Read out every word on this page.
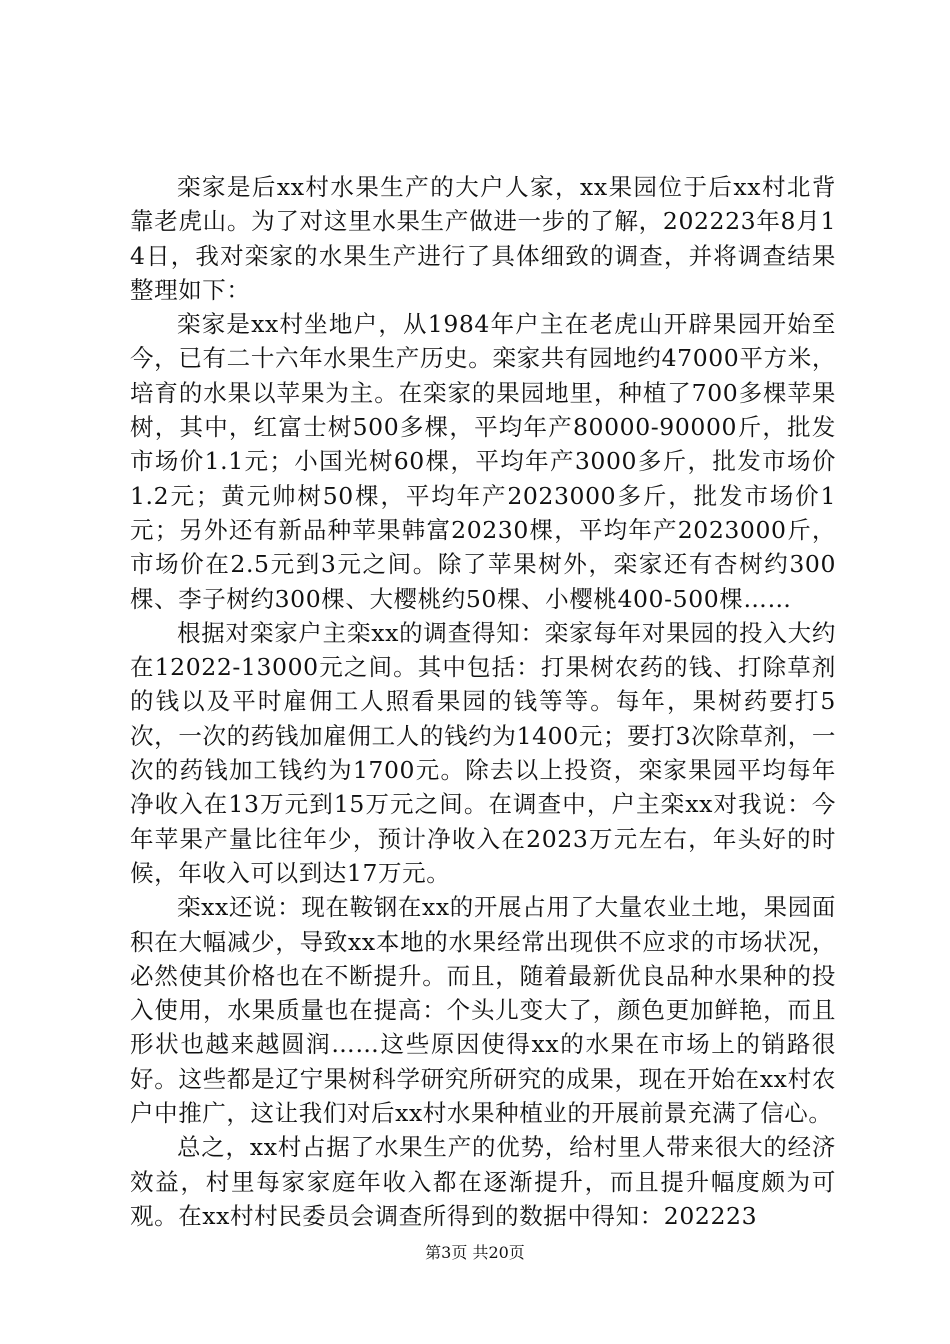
栾家是后xx村水果生产的大户人家，xx果园位于后xx村北背靠老虎山。为了对这里水果生产做进一步的了解，202223年8月14日，我对栾家的水果生产进行了具体细致的调查，并将调查结果整理如下：

栾家是xx村坐地户，从1984年户主在老虎山开辟果园开始至今，已有二十六年水果生产历史。栾家共有园地约47000平方米，培育的水果以苹果为主。在栾家的果园地里，种植了700多棵苹果树，其中，红富士树500多棵，平均年产80000-90000斤，批发市场价1.1元；小国光树60棵，平均年产3000多斤，批发市场价1.2元；黄元帅树50棵，平均年产2023000多斤，批发市场价1元；另外还有新品种苹果韩富20230棵，平均年产2023000斤，市场价在2.5元到3元之间。除了苹果树外，栾家还有杏树约300棵、李子树约300棵、大樱桃约50棵、小樱桃400-500棵……

根据对栾家户主栾xx的调查得知：栾家每年对果园的投入大约在12022-13000元之间。其中包括：打果树农药的钱、打除草剂的钱以及平时雇佣工人照看果园的钱等等。每年，果树药要打5次，一次的药钱加雇佣工人的钱约为1400元；要打3次除草剂，一次的药钱加工钱约为1700元。除去以上投资，栾家果园平均每年净收入在13万元到15万元之间。在调查中，户主栾xx对我说：今年苹果产量比往年少，预计净收入在2023万元左右，年头好的时候，年收入可以到达17万元。

栾xx还说：现在鞍钢在xx的开展占用了大量农业土地，果园面积在大幅减少，导致xx本地的水果经常出现供不应求的市场状况，必然使其价格也在不断提升。而且，随着最新优良品种水果种的投入使用，水果质量也在提高：个头儿变大了，颜色更加鲜艳，而且形状也越来越圆润……这些原因使得xx的水果在市场上的销路很好。这些都是辽宁果树科学研究所研究的成果，现在开始在xx村农户中推广，这让我们对后xx村水果种植业的开展前景充满了信心。

总之，xx村占据了水果生产的优势，给村里人带来很大的经济效益，村里每家家庭年收入都在逐渐提升，而且提升幅度颇为可观。在xx村村民委员会调查所得到的数据中得知：202223

第3页 共20页
